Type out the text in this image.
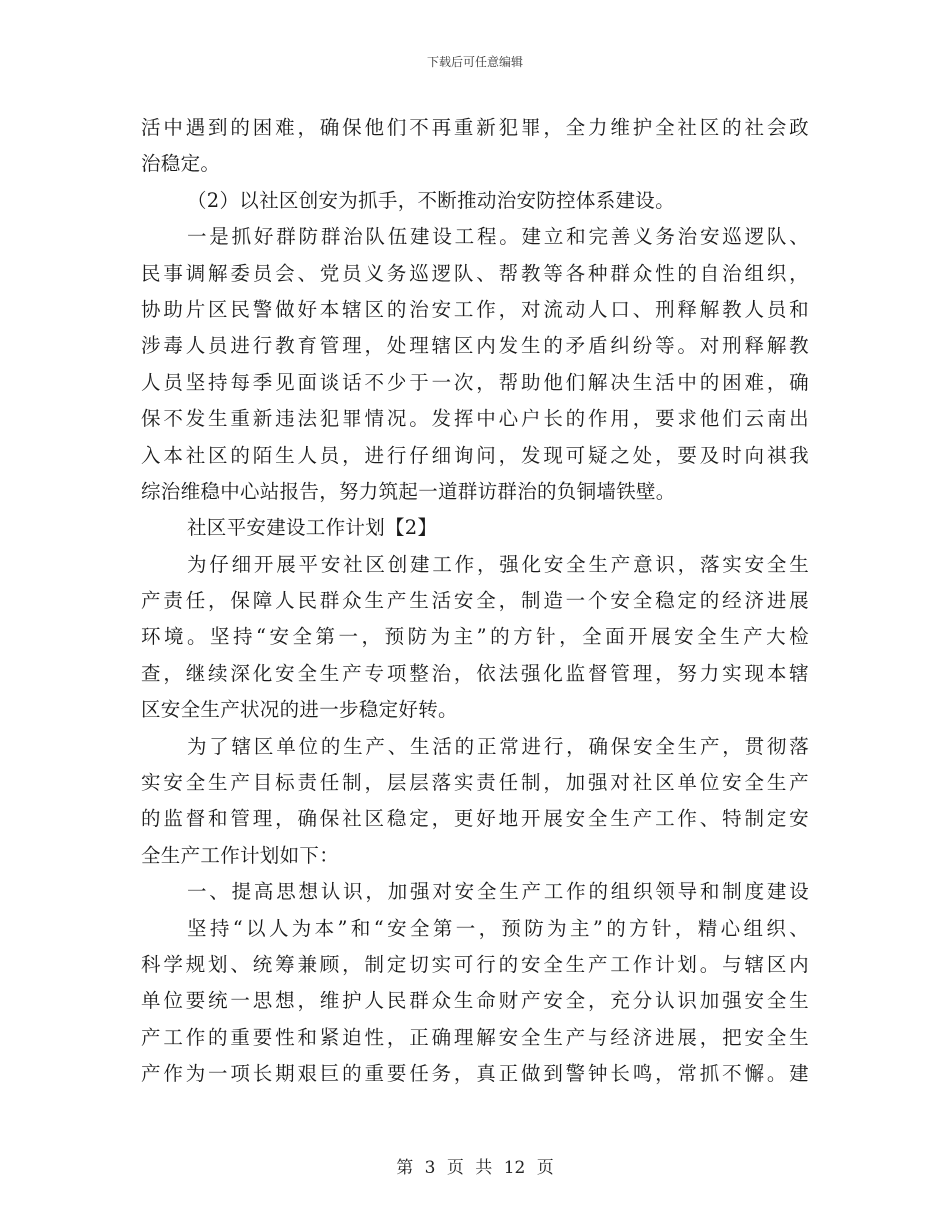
下载后可任意编辑
活中遇到的困难，确保他们不再重新犯罪，全力维护全社区的社会政
治稳定。
（2）以社区创安为抓手，不断推动治安防控体系建设。
一是抓好群防群治队伍建设工程。建立和完善义务治安巡逻队、
民事调解委员会、党员义务巡逻队、帮教等各种群众性的自治组织，
协助片区民警做好本辖区的治安工作，对流动人口、刑释解教人员和
涉毒人员进行教育管理，处理辖区内发生的矛盾纠纷等。对刑释解教
人员坚持每季见面谈话不少于一次，帮助他们解决生活中的困难，确
保不发生重新违法犯罪情况。发挥中心户长的作用，要求他们云南出
入本社区的陌生人员，进行仔细询问，发现可疑之处，要及时向祺我
综治维稳中心站报告，努力筑起一道群访群治的负铜墙铁壁。
社区平安建设工作计划【2】
为仔细开展平安社区创建工作，强化安全生产意识，落实安全生
产责任，保障人民群众生产生活安全，制造一个安全稳定的经济进展
环境。坚持“安全第一，预防为主”的方针，全面开展安全生产大检
查，继续深化安全生产专项整治，依法强化监督管理，努力实现本辖
区安全生产状况的进一步稳定好转。
为了辖区单位的生产、生活的正常进行，确保安全生产，贯彻落
实安全生产目标责任制，层层落实责任制，加强对社区单位安全生产
的监督和管理，确保社区稳定，更好地开展安全生产工作、特制定安
全生产工作计划如下：
一、提高思想认识，加强对安全生产工作的组织领导和制度建设
坚持“以人为本”和“安全第一，预防为主”的方针，精心组织、
科学规划、统筹兼顾，制定切实可行的安全生产工作计划。与辖区内
单位要统一思想，维护人民群众生命财产安全，充分认识加强安全生
产工作的重要性和紧迫性，正确理解安全生产与经济进展，把安全生
产作为一项长期艰巨的重要任务，真正做到警钟长鸣，常抓不懈。建
第 3 页 共 12 页
